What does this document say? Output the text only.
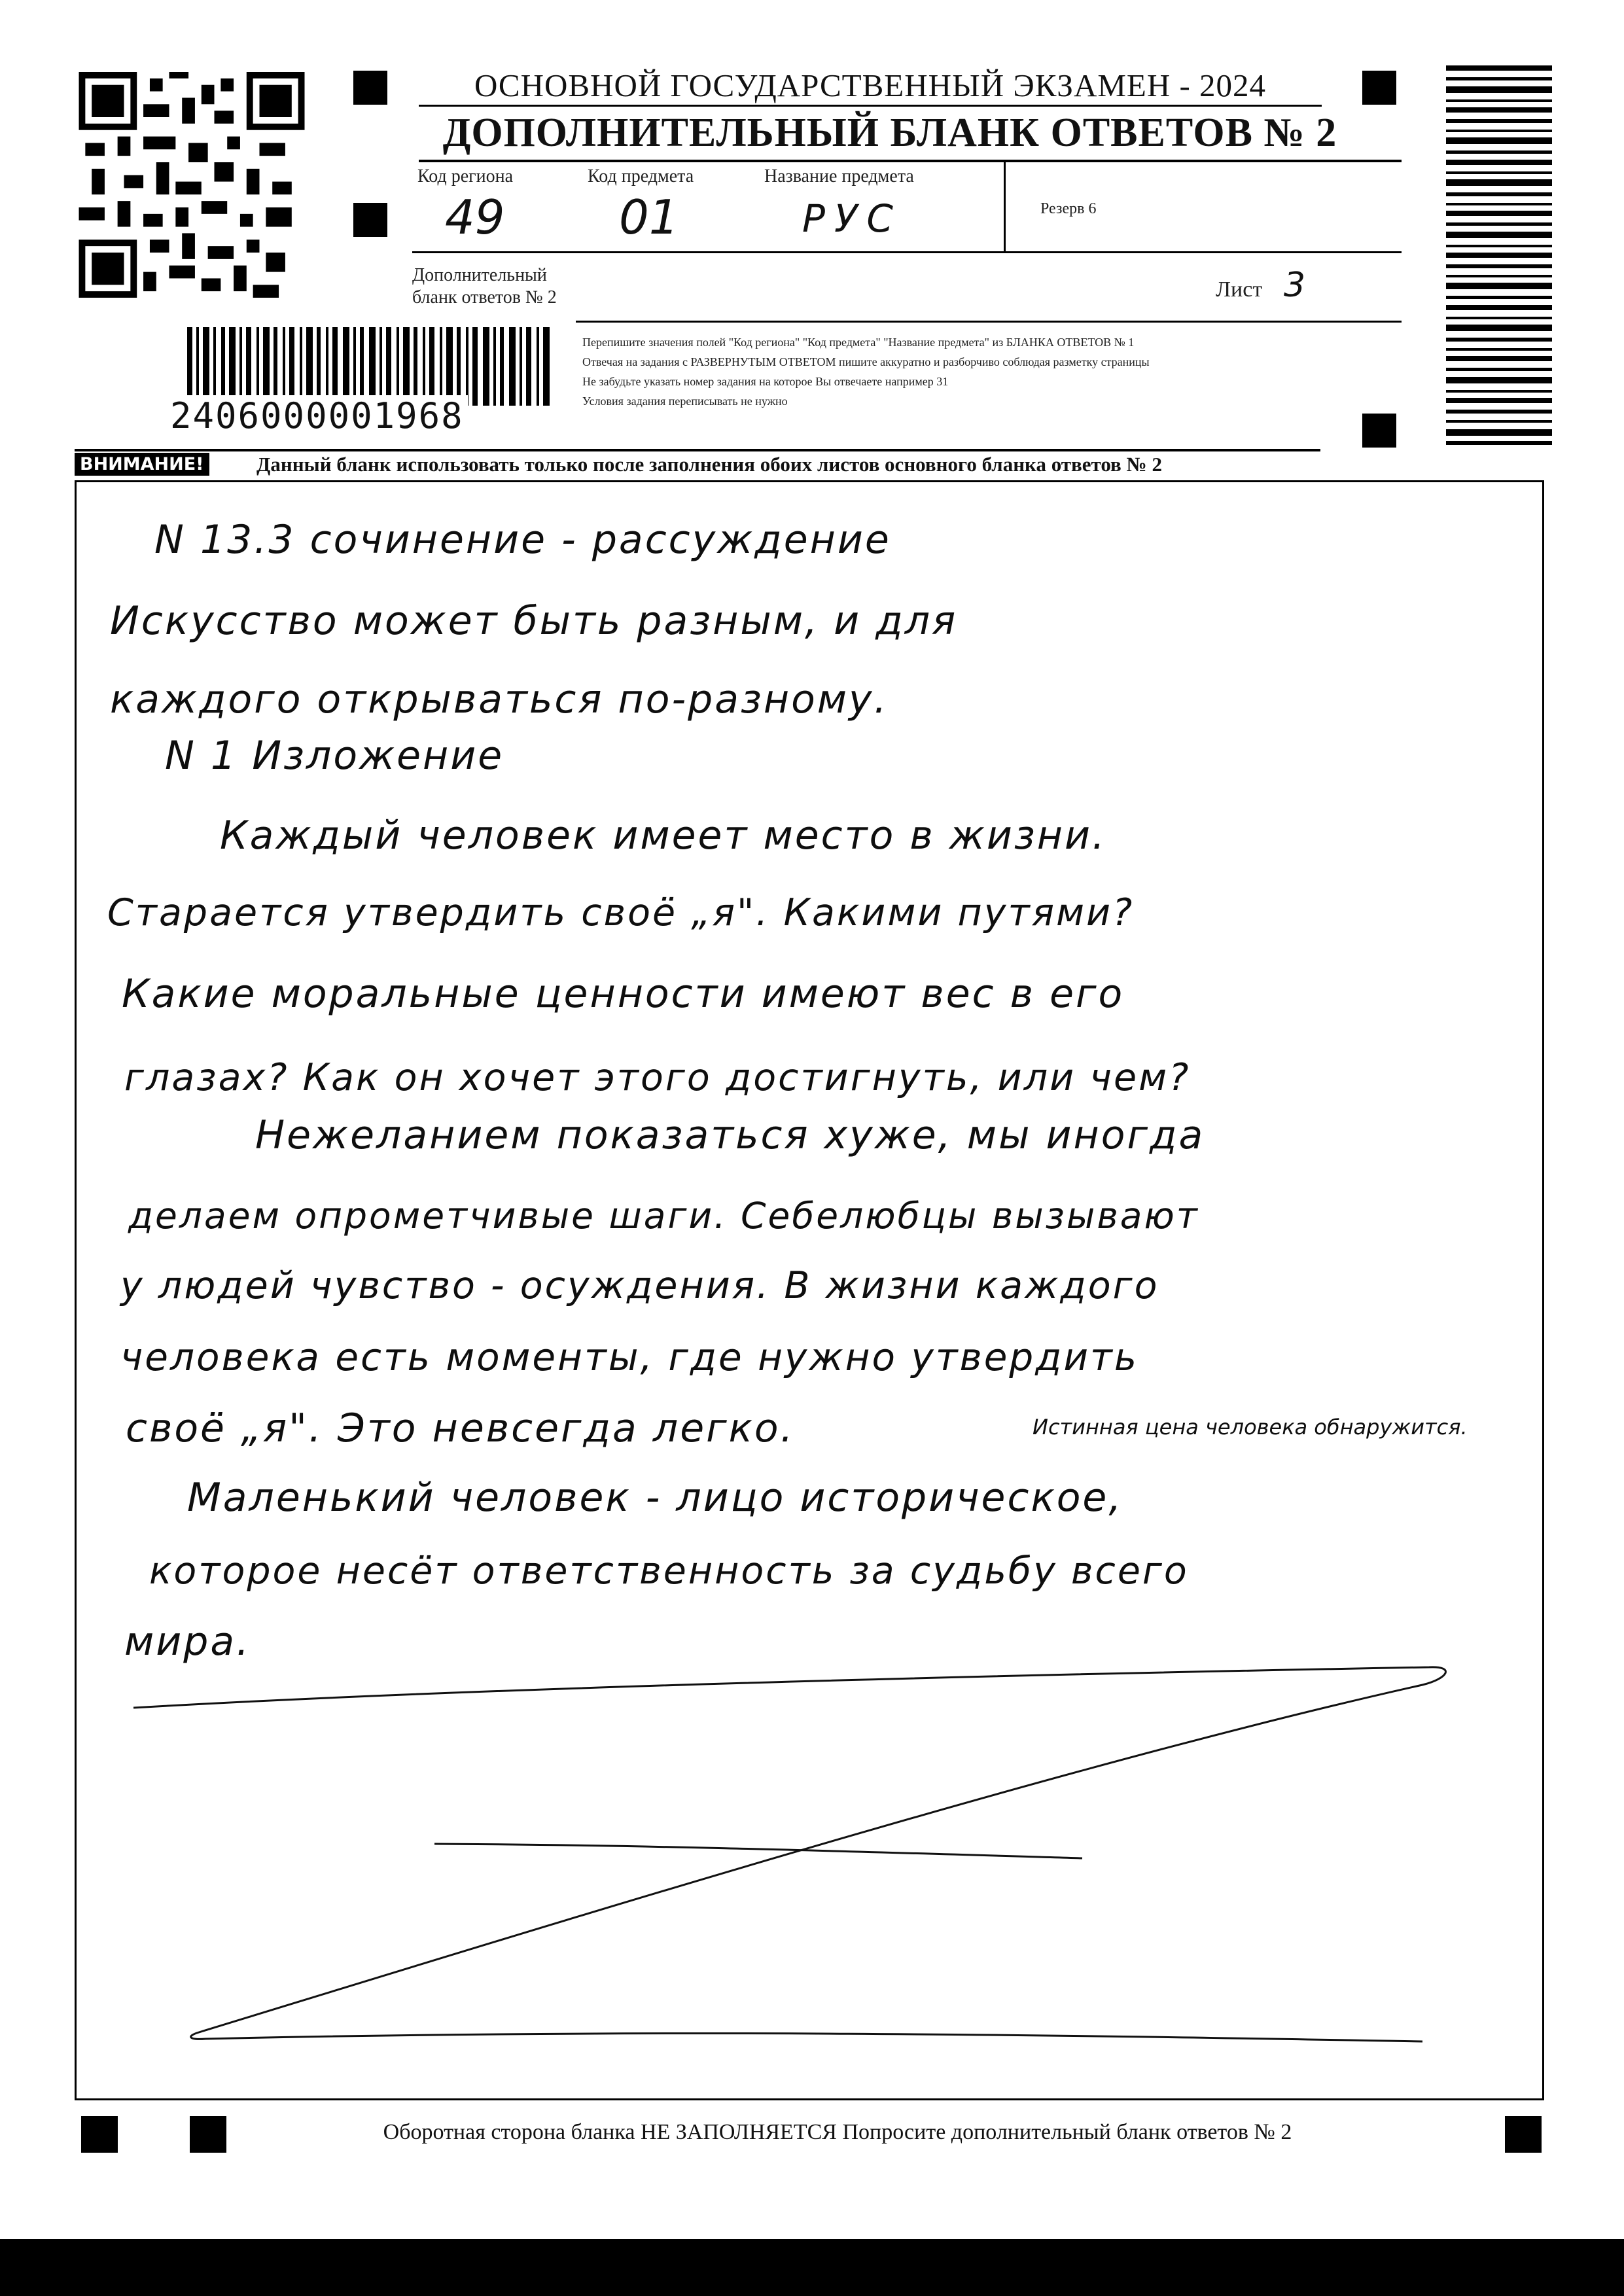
ОСНОВНОЙ ГОСУДАРСТВЕННЫЙ ЭКЗАМЕН - 2024
ДОПОЛНИТЕЛЬНЫЙ БЛАНК ОТВЕТОВ № 2
Код региона	Код предмета	Название предмета
Резерв 6
49 01	РУС
Дополнительный
бланк ответов № 2	Лист 3
2406000001968
Перепишите значения полей "Код региона" "Код предмета" "Название предмета" из БЛАНКА ОТВЕТОВ № 1
Отвечая на задания с РАЗВЕРНУТЫМ ОТВЕТОМ пишите аккуратно и разборчиво соблюдая разметку страницы
Не забудьте указать номер задания на которое Вы отвечаете например 31
Условия задания переписывать не нужно
ВНИМАНИЕ!	Данный бланк использовать только после заполнения обоих листов основного бланка ответов № 2
N 13.3 сочинение - рассуждение
Искусство может быть разным, и для
каждого открываться по-разному.
N 1 Изложение
Каждый человек имеет место в жизни.
Старается утвердить своё „я". Какими путями?
Какие моральные ценности имеют вес в его
глазах? Как он хочет этого достигнуть, или чем?
Нежеланием показаться хуже, мы иногда
делаем опрометчивые шаги. Себелюбцы вызывают
у людей чувство - осуждения. В жизни каждого
человека есть моменты, где нужно утвердить
своё „я". Это невсегда легко.	Истинная цена человека обнаружится.
Маленький человек - лицо историческое,
которое несёт ответственность за судьбу всего
мира.
Оборотная сторона бланка НЕ ЗАПОЛНЯЕТСЯ Попросите дополнительный бланк ответов № 2
